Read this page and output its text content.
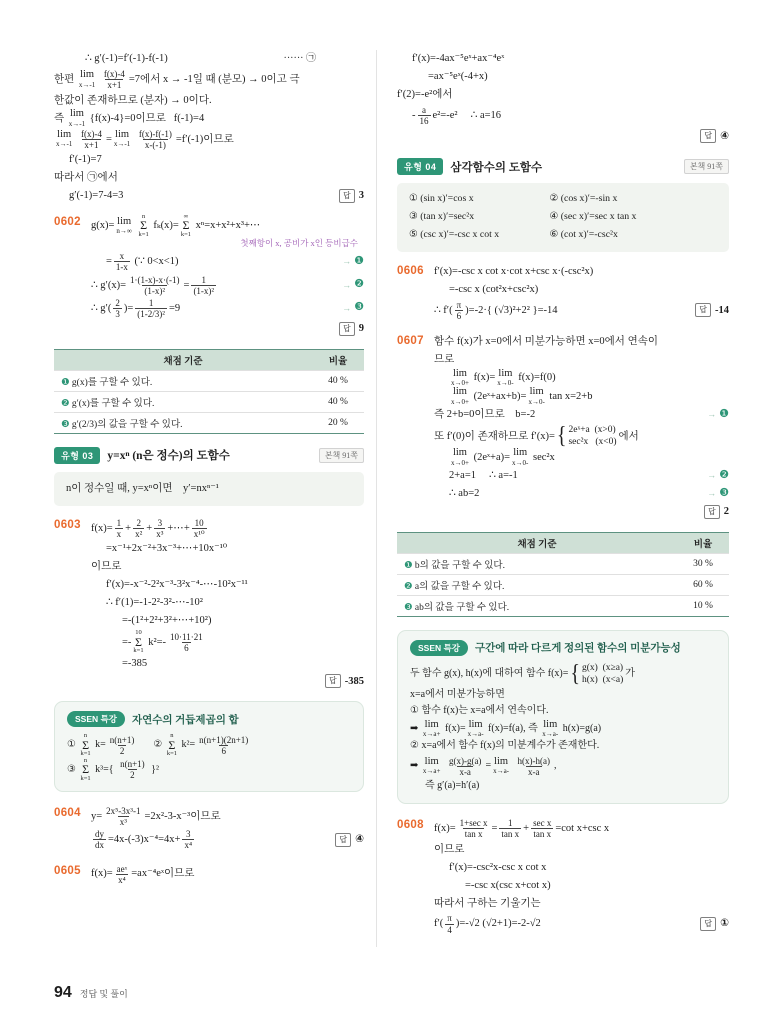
∴ g′(-1)=f′(-1)-f(-1)	······ ㉠
한편 lim
x→-1
$\frac{f(x)-4}{x+1} =7$에서 x → -1일 때 (분모) → 0이고 극
한값이 존재하므로 (분자) → 0이다.
즉 lim
x→-1 {f(x)-4}=0이므로   f(-1)=4
lim
x→-1
$\frac{f(x)-4}{x+1} = \lim$
x→-1
$\frac{f(x)-f(-1)}{x-(-1)} =f'(-1)$이므로
f′(-1)=7
따라서 ㉠에서
g′(-1)=7-4=3	답 3
0602 g(x)= lim
n→∞

n
Σ
k=1
fₖ(x)=
∞
Σ
k=1
xⁿ=x+x²+x³+⋯
첫째항이 x, 공비가 x인 등비급수
= $\frac{x}{1-x}$ (∵ 0<x<1)	→ ❶
∴ $g'(x)= \frac{1\cdot(1-x)-x\cdot(-1)}{\text{(1-x)²}} = \frac{1}{\text{(1-x)²}}$	→ ❷
∴ $g'( \frac{2}{3}$ )= $\frac{1}{\text{(1-2/3)²}} =9$	→ ❸
답 9
채점 기준	비율
❶ g(x)를 구할 수 있다.	40 %
❷ g′(x)를 구할 수 있다.	40 %
❸ g′(2/3)의 값을 구할 수 있다.	20 %
유형 03	y=xⁿ (n은 정수)의 도함수	본책 91쪽
n이 정수일 때, y=xⁿ이면    y′=nxⁿ⁻¹
0603 $f(x)= \frac{1}{x} + \frac{2}{\text{x²}} + \frac{3}{\text{x³}}$ +⋯+ $\frac{10}{\text{x¹⁰}}$
=x⁻¹+2x⁻²+3x⁻³+⋯+10x⁻¹⁰
이므로
f′(x)=-x⁻²-2²x⁻³-3²x⁻⁴-⋯-10²x⁻¹¹
∴ f′(1)=-1-2²-3²-⋯-10²
=-(1²+2²+3²+⋯+10²)
=-
10
Σ
k=1
$k^2=- \frac{10\cdot 11\cdot 21}{6}$
=-385
답 -385
SSEN 특강	자연수의 거듭제곱의 합
①
n
Σ
k=1
$k= \frac{n(n+1)}{2}$ ②
n
Σ
k=1
$k^2= \frac{n(n+1)(2n+1)}{6}$
③
n
Σ
k=1
$k^3=\{ \frac{n(n+1)}{2} \}^2$
0604 $y= \frac{\text{2x⁵-3x³-1}}{\text{x³}} =2x^2-3-x^{-3}$이므로
$\frac{dy}{dx} =4x-(-3)x^{-4}=4x+ \frac{3}{\text{x⁴}}$	답 ④
0605 $f(x)= \frac{\text{aeˣ}}{\text{x⁴}}$ =ax⁻⁴eˣ이므로
f′(x)=-4ax⁻⁵eˣ+ax⁻⁴eˣ
=ax⁻⁵eˣ(-4+x)
f′(2)=-e²에서
- $\frac{a}{16} e^2=-e^2$     ∴ a=16
답 ④
유형 04	삼각함수의 도함수	본책 91쪽
① (sin x)′=cos x	② (cos x)′=-sin x
③ (tan x)′=sec²x	④ (sec x)′=sec x tan x
⑤ (csc x)′=-csc x cot x	⑥ (cot x)′=-csc²x
0606 f′(x)=-csc x cot x·cot x+csc x·(-csc²x)
=-csc x (cot²x+csc²x)
∴ $f'( \frac{\pi}{6} )=-2\cdot${ (√3)²+2² }=-14	답 -14
0607 함수 f(x)가 x=0에서 미분가능하면 x=0에서 연속이
므로
lim
x→0+ f(x)= lim
x→0- f(x)=f(0)
lim
x→0+ (2eˣ+ax+b)= lim
x→0- tan x=2+b
즉 2+b=0이므로    b=-2	→ ❶
또 f′(0)이 존재하므로 f′(x)= { 2eˣ+a  (x>0)
sec²x   (x<0)
에서
lim
x→0+ (2eˣ+a)= lim
x→0- sec²x
2+a=1     ∴ a=-1	→ ❷
∴ ab=2	→ ❸
답 2
채점 기준	비율
❶ b의 값을 구할 수 있다.	30 %
❷ a의 값을 구할 수 있다.	60 %
❸ ab의 값을 구할 수 있다.	10 %
SSEN 특강	구간에 따라 다르게 정의된 함수의 미분가능성
두 함수 g(x), h(x)에 대하여 함수 f(x)= { g(x)  (x≥a)
h(x)  (x<a)
가
x=a에서 미분가능하면
① 함수 f(x)는 x=a에서 연속이다.
➡ lim
x→a+
f(x)= lim
x→a-
f(x)=f(a), 즉 lim
x→a-
h(x)=g(a)
② x=a에서 함수 f(x)의 미분계수가 존재한다.
➡ lim
x→a+
$\frac{g(x)-g(a)}{x-a} = \lim$
x→a-
$\frac{h(x)-h(a)}{x-a}$ ,
즉 g′(a)=h′(a)
0608 $f(x)= \frac{\text{1+sec x}}{\text{tan x}} = \frac{1}{\text{tan x}} + \frac{\text{sec x}}{\text{tan x}} =\cot$ x+csc x
이므로
f′(x)=-csc²x-csc x cot x
=-csc x(csc x+cot x)
따라서 구하는 기울기는
$f'( \frac{\pi}{4} )=-√2$ (√2+1)=-2-√2	답 ①
94 정답 및 풀이
